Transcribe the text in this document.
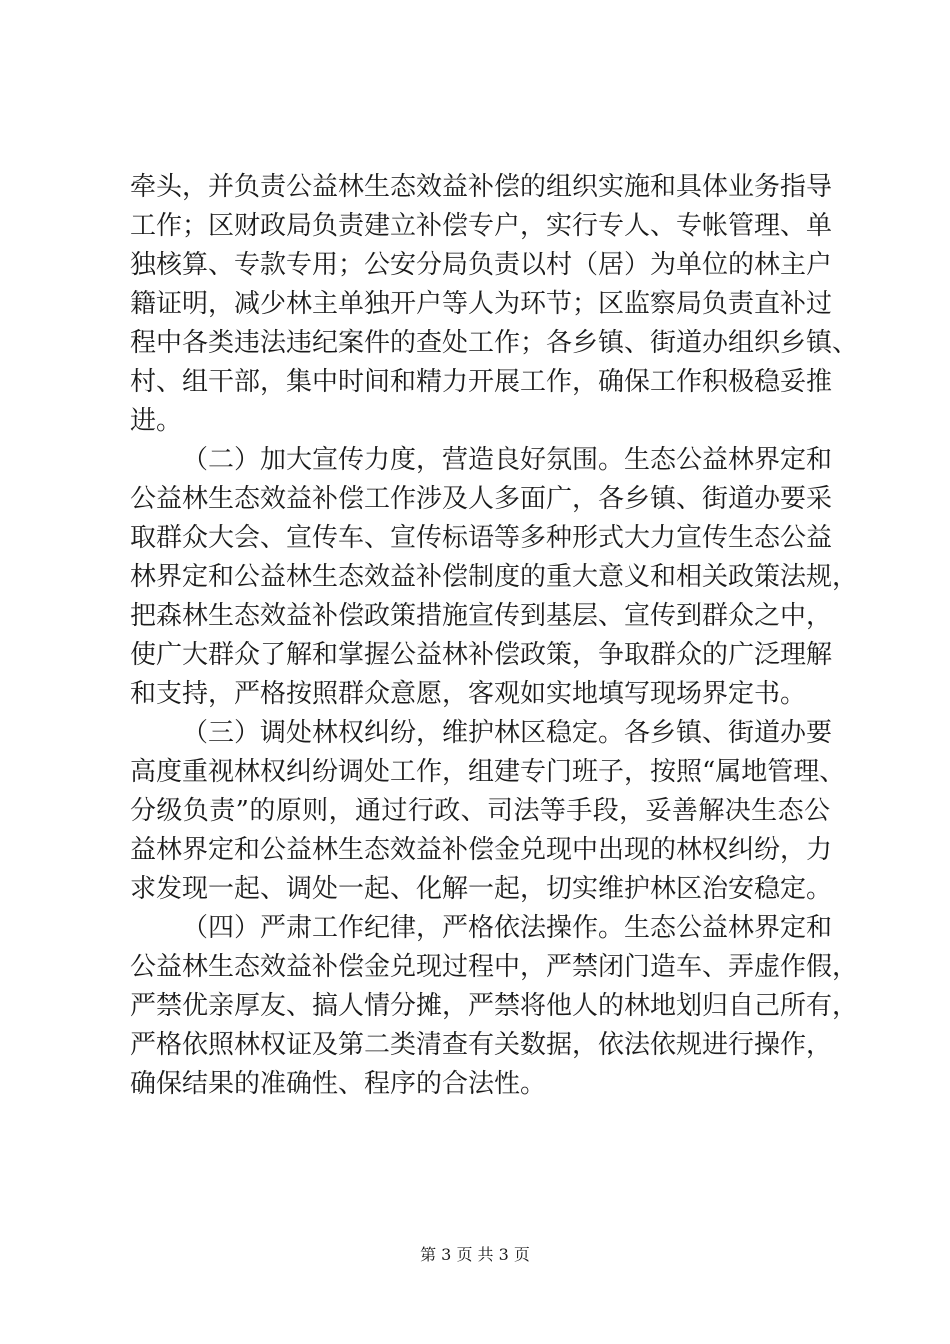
牵头，并负责公益林生态效益补偿的组织实施和具体业务指导
工作；区财政局负责建立补偿专户，实行专人、专帐管理、单
独核算、专款专用；公安分局负责以村（居）为单位的林主户
籍证明，减少林主单独开户等人为环节；区监察局负责直补过
程中各类违法违纪案件的查处工作；各乡镇、街道办组织乡镇、
村、组干部，集中时间和精力开展工作，确保工作积极稳妥推
进。
（二）加大宣传力度，营造良好氛围。生态公益林界定和
公益林生态效益补偿工作涉及人多面广，各乡镇、街道办要采
取群众大会、宣传车、宣传标语等多种形式大力宣传生态公益
林界定和公益林生态效益补偿制度的重大意义和相关政策法规，
把森林生态效益补偿政策措施宣传到基层、宣传到群众之中，
使广大群众了解和掌握公益林补偿政策，争取群众的广泛理解
和支持，严格按照群众意愿，客观如实地填写现场界定书。
（三）调处林权纠纷，维护林区稳定。各乡镇、街道办要
高度重视林权纠纷调处工作，组建专门班子，按照“属地管理、
分级负责”的原则，通过行政、司法等手段，妥善解决生态公
益林界定和公益林生态效益补偿金兑现中出现的林权纠纷，力
求发现一起、调处一起、化解一起，切实维护林区治安稳定。
（四）严肃工作纪律，严格依法操作。生态公益林界定和
公益林生态效益补偿金兑现过程中，严禁闭门造车、弄虚作假，
严禁优亲厚友、搞人情分摊，严禁将他人的林地划归自己所有，
严格依照林权证及第二类清查有关数据，依法依规进行操作，
确保结果的准确性、程序的合法性。
第 3 页 共 3 页
